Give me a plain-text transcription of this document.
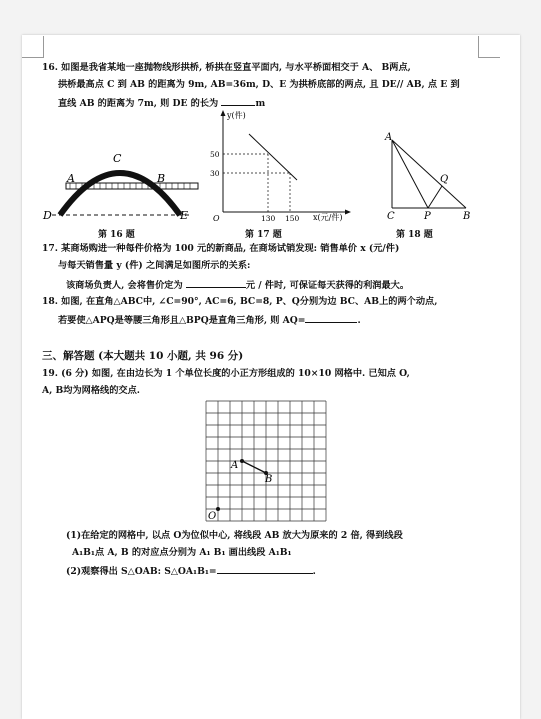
16. 如图是我省某地一座抛物线形拱桥, 桥拱在竖直平面内, 与水平桥面相交于 A、 B两点,
拱桥最高点 C 到 AB 的距离为 9m, AB=36m, D、E 为拱桥底部的两点, 且 DE// AB, 点 E 到
直线 AB 的距离为 7m, 则 DE 的长为	m
A	B
C
D	E
第 16 题
y(件)
x(元/件)
O
50
30
130 150
第 17 题
A
Q
C	P	B
第 18 题
17. 某商场购进一种每件价格为 100 元的新商品, 在商场试销发现: 销售单价 x (元/件)
与每天销售量 y (件) 之间满足如图所示的关系:
该商场负责人, 会将售价定为	元 / 件时, 可保证每天获得的利润最大。
18. 如图, 在直角△ABC中, ∠C=90°, AC=6, BC=8, P、Q分别为边 BC、AB上的两个动点,
若要使△APQ是等腰三角形且△BPQ是直角三角形, 则 AQ=	.
三、解答题 (本大题共 10 小题, 共 96 分)
19. (6 分) 如图, 在由边长为 1 个单位长度的小正方形组成的 10×10 网格中. 已知点 O,
A, B均为网格线的交点.
A
B
O
(1)在给定的网格中, 以点 O为位似中心, 将线段 AB 放大为原来的 2 倍, 得到线段
A₁B₁点 A, B 的对应点分别为 A₁ B₁ 画出线段 A₁B₁
(2)观察得出 S△OAB: S△OA₁B₁=	.
